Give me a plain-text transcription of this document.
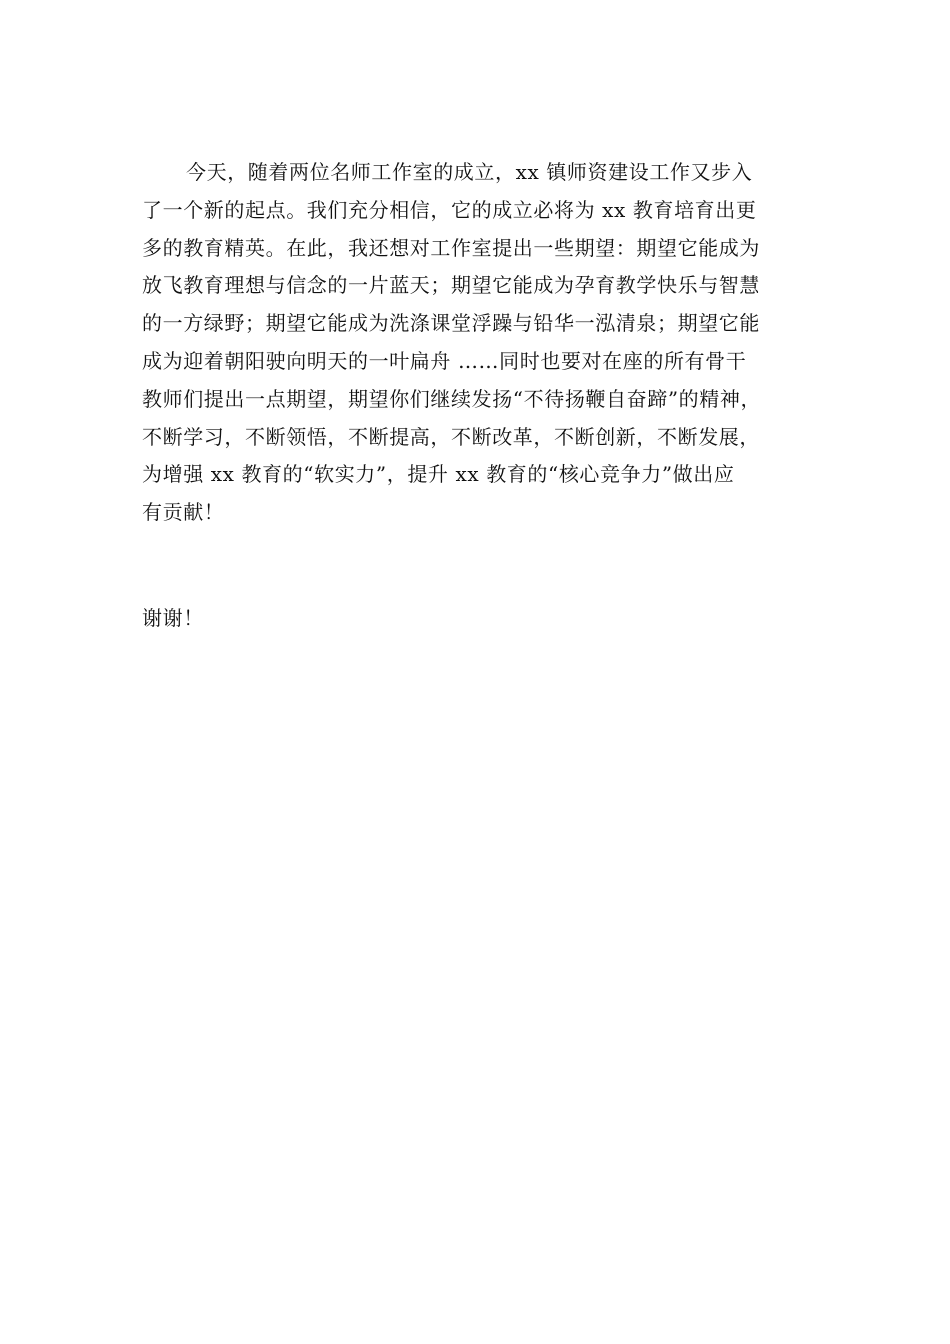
今天，随着两位名师工作室的成立，xx 镇师资建设工作又步入
了一个新的起点。我们充分相信，它的成立必将为 xx 教育培育出更
多的教育精英。在此，我还想对工作室提出一些期望：期望它能成为
放飞教育理想与信念的一片蓝天；期望它能成为孕育教学快乐与智慧
的一方绿野；期望它能成为洗涤课堂浮躁与铅华一泓清泉；期望它能
成为迎着朝阳驶向明天的一叶扁舟 ……同时也要对在座的所有骨干
教师们提出一点期望，期望你们继续发扬“不待扬鞭自奋蹄”的精神，
不断学习，不断领悟，不断提高，不断改革，不断创新，不断发展，
为增强 xx 教育的“软实力”，提升 xx 教育的“核心竞争力”做出应
有贡献！

谢谢！
